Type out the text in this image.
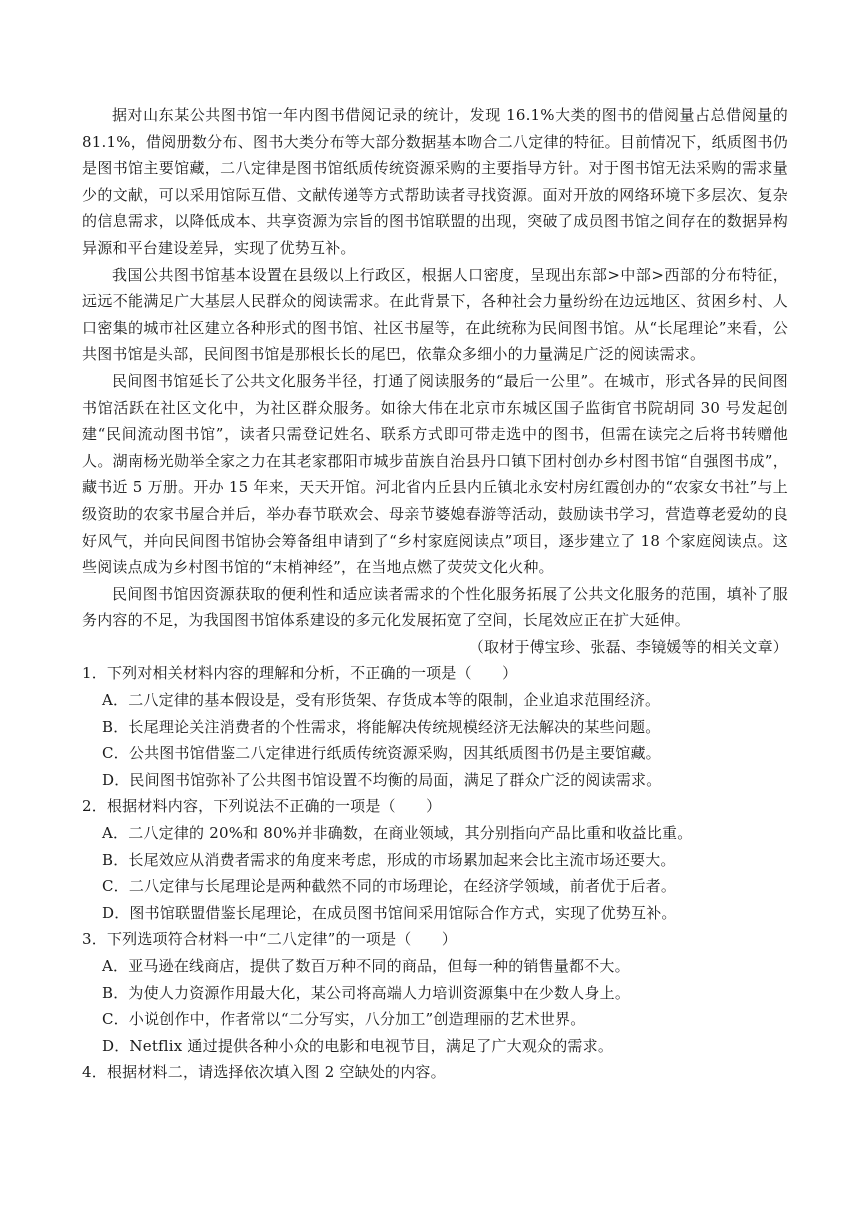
据对山东某公共图书馆一年内图书借阅记录的统计，发现 16.1%大类的图书的借阅量占总借阅量的 81.1%，借阅册数分布、图书大类分布等大部分数据基本吻合二八定律的特征。目前情况下，纸质图书仍是图书馆主要馆藏，二八定律是图书馆纸质传统资源采购的主要指导方针。对于图书馆无法采购的需求量少的文献，可以采用馆际互借、文献传递等方式帮助读者寻找资源。面对开放的网络环境下多层次、复杂的信息需求，以降低成本、共享资源为宗旨的图书馆联盟的出现，突破了成员图书馆之间存在的数据异构异源和平台建设差异，实现了优势互补。

我国公共图书馆基本设置在县级以上行政区，根据人口密度，呈现出东部>中部>西部的分布特征，远远不能满足广大基层人民群众的阅读需求。在此背景下，各种社会力量纷纷在边远地区、贫困乡村、人口密集的城市社区建立各种形式的图书馆、社区书屋等，在此统称为民间图书馆。从“长尾理论”来看，公共图书馆是头部，民间图书馆是那根长长的尾巴，依靠众多细小的力量满足广泛的阅读需求。

民间图书馆延长了公共文化服务半径，打通了阅读服务的“最后一公里”。在城市，形式各异的民间图书馆活跃在社区文化中，为社区群众服务。如徐大伟在北京市东城区国子监街官书院胡同 30 号发起创建“民间流动图书馆”，读者只需登记姓名、联系方式即可带走选中的图书，但需在读完之后将书转赠他人。湖南杨光勋举全家之力在其老家郡阳市城步苗族自治县丹口镇下团村创办乡村图书馆“自强图书成”，藏书近 5 万册。开办 15 年来，天天开馆。河北省内丘县内丘镇北永安村房红霞创办的“农家女书社”与上级资助的农家书屋合并后，举办春节联欢会、母亲节婆媳春游等活动，鼓励读书学习，营造尊老爱幼的良好风气，并向民间图书馆协会筹备组申请到了“乡村家庭阅读点”项目，逐步建立了 18 个家庭阅读点。这些阅读点成为乡村图书馆的“末梢神经”，在当地点燃了荧荧文化火种。

民间图书馆因资源获取的便利性和适应读者需求的个性化服务拓展了公共文化服务的范围，填补了服务内容的不足，为我国图书馆体系建设的多元化发展拓宽了空间，长尾效应正在扩大延伸。

（取材于傅宝珍、张磊、李镜媛等的相关文章）

1．下列对相关材料内容的理解和分析，不正确的一项是（　　）

A．二八定律的基本假设是，受有形货架、存货成本等的限制，企业追求范围经济。

B．长尾理论关注消费者的个性需求，将能解决传统规模经济无法解决的某些问题。

C．公共图书馆借鉴二八定律进行纸质传统资源采购，因其纸质图书仍是主要馆藏。

D．民间图书馆弥补了公共图书馆设置不均衡的局面，满足了群众广泛的阅读需求。

2．根据材料内容，下列说法不正确的一项是（　　）

A．二八定律的 20%和 80%并非确数，在商业领域，其分别指向产品比重和收益比重。

B．长尾效应从消费者需求的角度来考虑，形成的市场累加起来会比主流市场还要大。

C．二八定律与长尾理论是两种截然不同的市场理论，在经济学领域，前者优于后者。

D．图书馆联盟借鉴长尾理论，在成员图书馆间采用馆际合作方式，实现了优势互补。

3．下列选项符合材料一中“二八定律”的一项是（　　）

A．亚马逊在线商店，提供了数百万种不同的商品，但每一种的销售量都不大。

B．为使人力资源作用最大化，某公司将高端人力培训资源集中在少数人身上。

C．小说创作中，作者常以“二分写实，八分加工”创造理丽的艺术世界。

D．Netflix 通过提供各种小众的电影和电视节目，满足了广大观众的需求。

4．根据材料二，请选择依次填入图 2 空缺处的内容。
